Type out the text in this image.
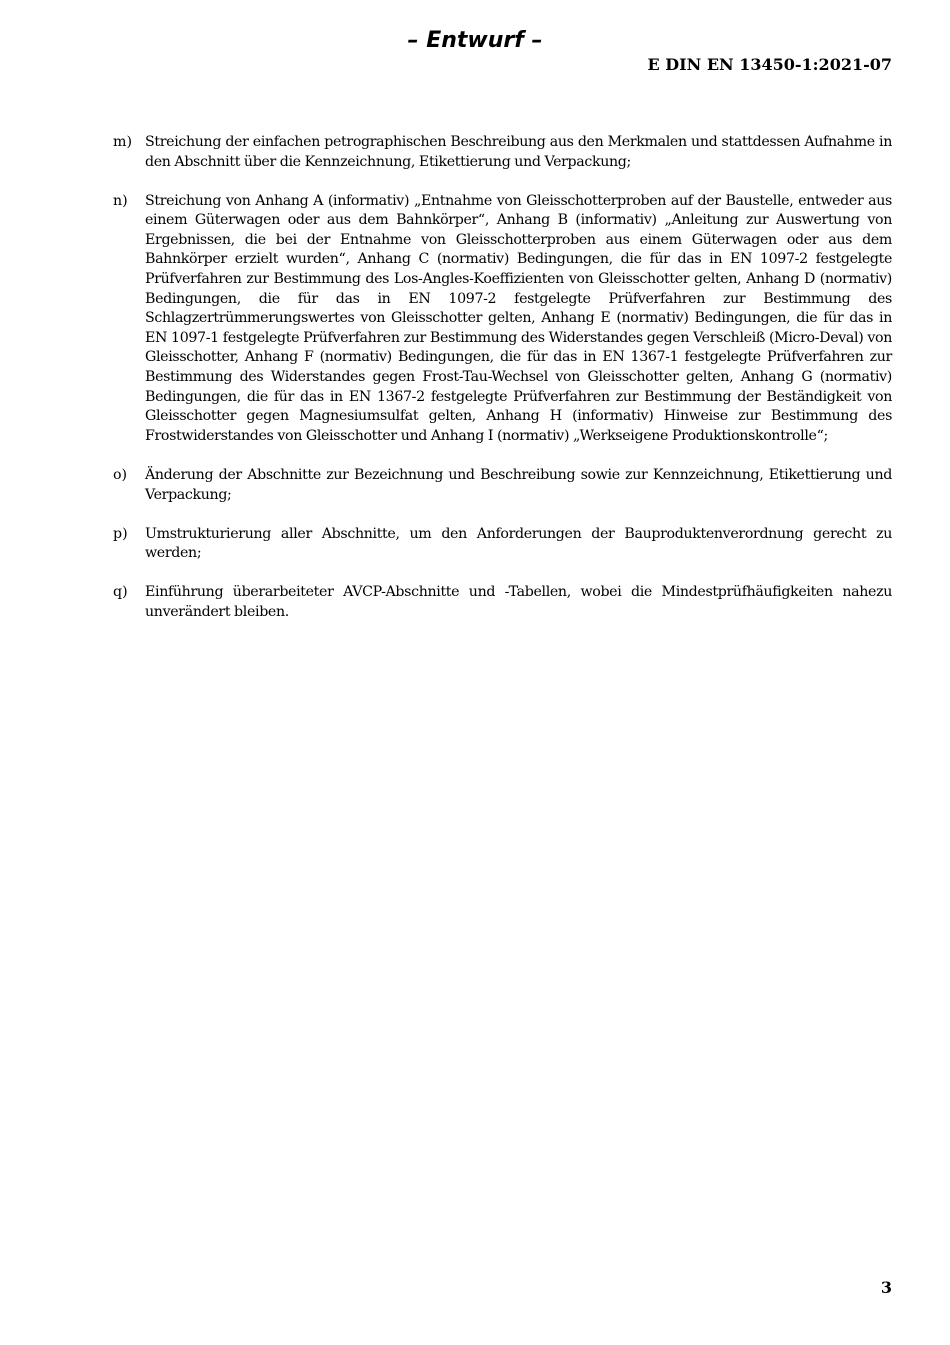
– Entwurf –
E DIN EN 13450-1:2021-07
m) Streichung der einfachen petrographischen Beschreibung aus den Merkmalen und stattdessen Aufnahme in den Abschnitt über die Kennzeichnung, Etikettierung und Verpackung;
n)	Streichung von Anhang A (informativ) „Entnahme von Gleisschotterproben auf der Baustelle, entweder aus einem Güterwagen oder aus dem Bahnkörper“, Anhang B (informativ) „Anleitung zur Auswertung von Ergebnissen, die bei der Entnahme von Gleisschotterproben aus einem Güterwagen oder aus dem Bahnkörper erzielt wurden“, Anhang C (normativ) Bedingungen, die für das in EN 1097-2 festgelegte Prüfverfahren zur Bestimmung des Los-Angles-Koeffizienten von Gleisschotter gelten, Anhang D (normativ) Bedingungen, die für das in EN 1097-2 festgelegte Prüfverfahren zur Bestimmung des Schlagzertrümmerungswertes von Gleisschotter gelten, Anhang E (normativ) Bedingungen, die für das in EN 1097-1 festgelegte Prüfverfahren zur Bestimmung des Widerstandes gegen Verschleiß (Micro-Deval) von Gleisschotter, Anhang F (normativ) Bedingungen, die für das in EN 1367-1 festgelegte Prüfverfahren zur Bestimmung des Widerstandes gegen Frost-Tau-Wechsel von Gleisschotter gelten, Anhang G (normativ) Bedingungen, die für das in EN 1367-2 festgelegte Prüfverfahren zur Bestimmung der Beständigkeit von Gleisschotter gegen Magnesiumsulfat gelten, Anhang H (informativ) Hinweise zur Bestimmung des Frostwiderstandes von Gleisschotter und Anhang I (normativ) „Werkseigene Produktionskontrolle“;
o)	Änderung der Abschnitte zur Bezeichnung und Beschreibung sowie zur Kennzeichnung, Etikettierung und Verpackung;
p)	Umstrukturierung aller Abschnitte, um den Anforderungen der Bauproduktenverordnung gerecht zu werden;
q)	Einführung überarbeiteter AVCP-Abschnitte und -Tabellen, wobei die Mindestprüfhäufigkeiten nahezu unverändert bleiben.
3
